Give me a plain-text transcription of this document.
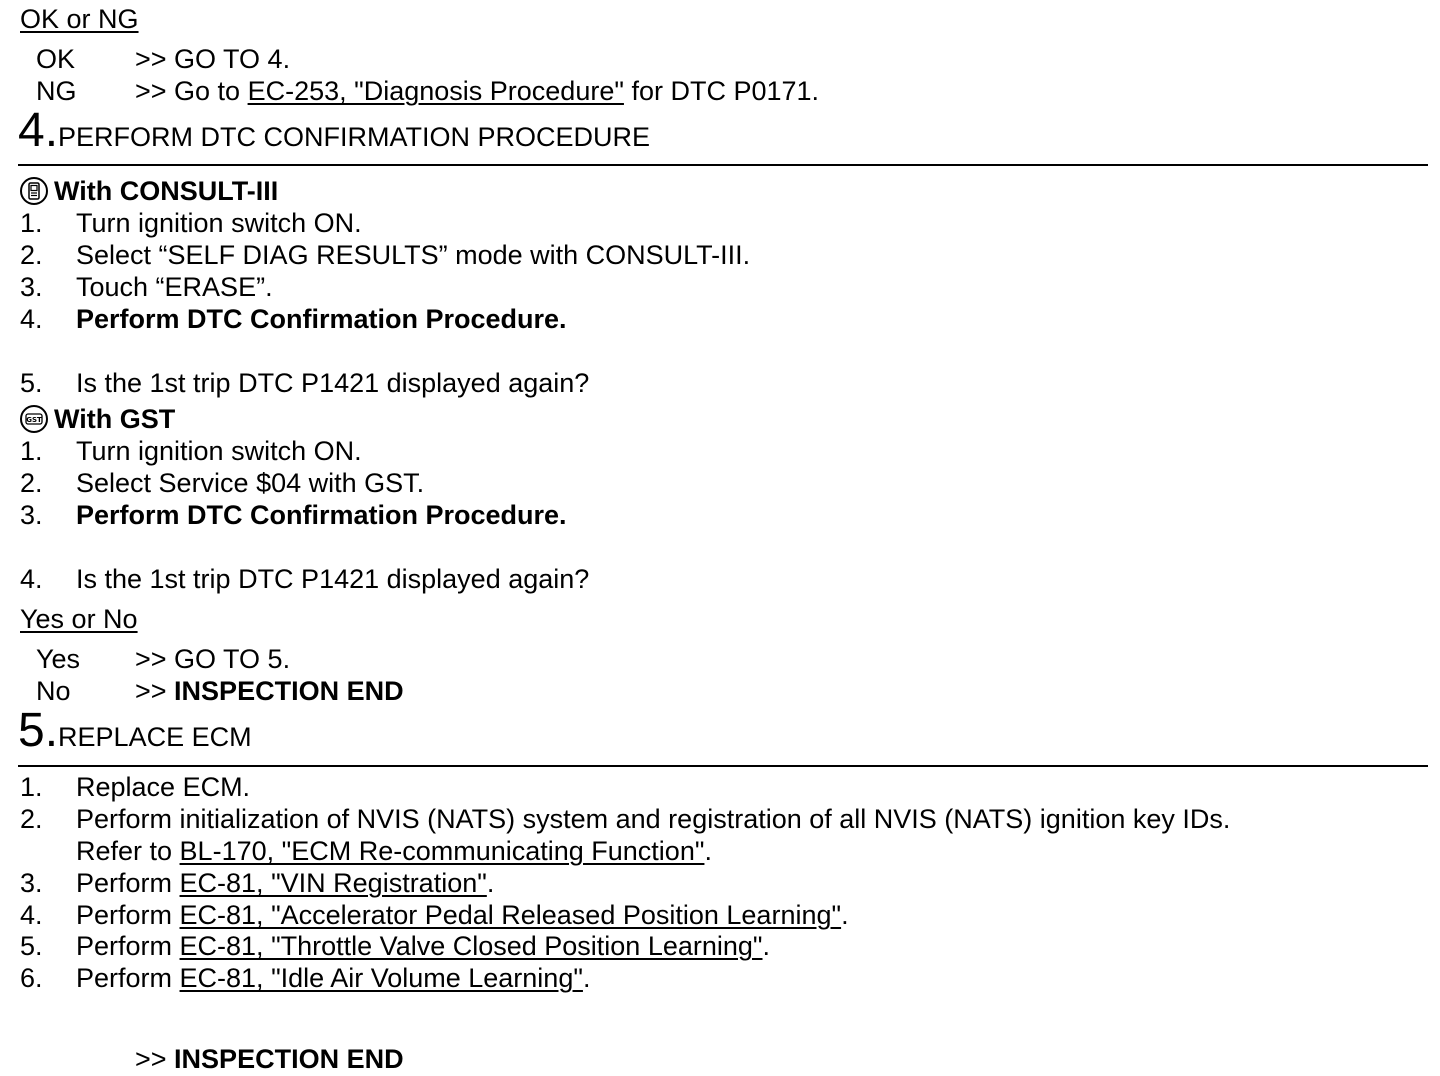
OK or NG
OK >> GO TO 4.
NG >> Go to EC-253, "Diagnosis Procedure" for DTC P0171.
4.PERFORM DTC CONFIRMATION PROCEDURE
With CONSULT-III
1. Turn ignition switch ON.
2. Select “SELF DIAG RESULTS” mode with CONSULT-III.
3. Touch “ERASE”.
4. Perform DTC Confirmation Procedure.
5. Is the 1st trip DTC P1421 displayed again?
GST With GST
1. Turn ignition switch ON.
2. Select Service $04 with GST.
3. Perform DTC Confirmation Procedure.
4. Is the 1st trip DTC P1421 displayed again?
Yes or No
Yes >> GO TO 5.
No >> INSPECTION END
5.REPLACE ECM
1. Replace ECM.
2. Perform initialization of NVIS (NATS) system and registration of all NVIS (NATS) ignition key IDs.
Refer to BL-170, "ECM Re-communicating Function".
3. Perform EC-81, "VIN Registration".
4. Perform EC-81, "Accelerator Pedal Released Position Learning".
5. Perform EC-81, "Throttle Valve Closed Position Learning".
6. Perform EC-81, "Idle Air Volume Learning".
>> INSPECTION END
